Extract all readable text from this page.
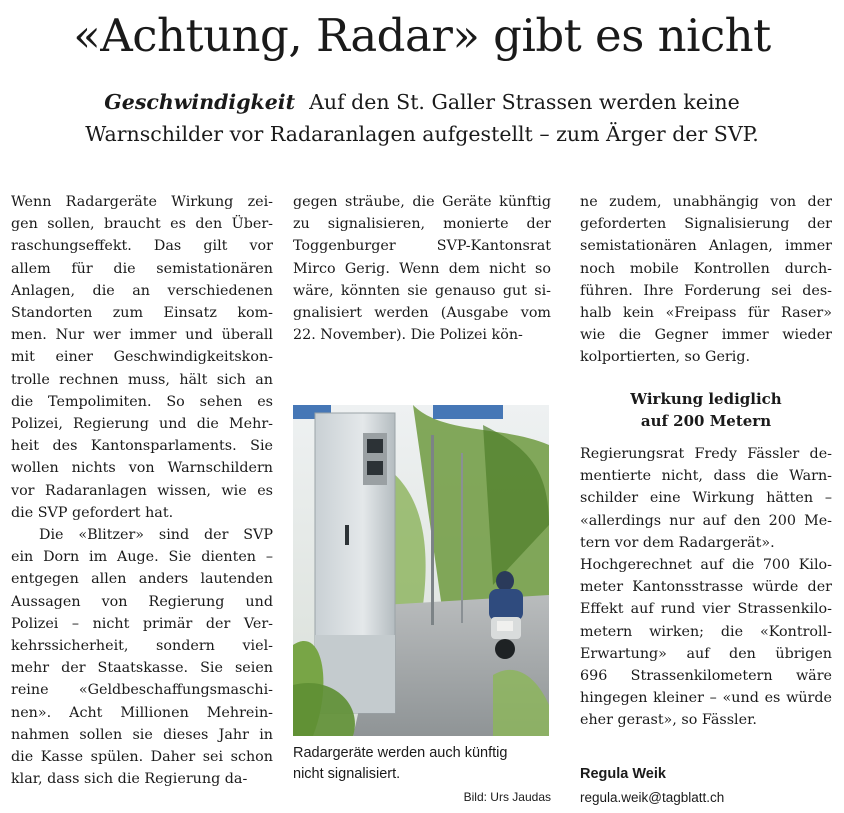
«Achtung, Radar» gibt es nicht
Geschwindigkeit Auf den St. Galler Strassen werden keine
Warnschilder vor Radaranlagen aufgestellt – zum Ärger der SVP.
Wenn Radargeräte Wirkung zei-
gen sollen, braucht es den Über-
raschungseffekt. Das gilt vor
allem für die semistationären
Anlagen, die an verschiedenen
Standorten zum Einsatz kom-
men. Nur wer immer und überall
mit einer Geschwindigkeitskon-
trolle rechnen muss, hält sich an
die Tempolimiten. So sehen es
Polizei, Regierung und die Mehr-
heit des Kantonsparlaments. Sie
wollen nichts von Warnschildern
vor Radaranlagen wissen, wie es
die SVP gefordert hat.
Die «Blitzer» sind der SVP
ein Dorn im Auge. Sie dienten –
entgegen allen anders lautenden
Aussagen von Regierung und
Polizei – nicht primär der Ver-
kehrssicherheit, sondern viel-
mehr der Staatskasse. Sie seien
reine «Geldbeschaffungsmaschi-
nen». Acht Millionen Mehrein-
nahmen sollen sie dieses Jahr in
die Kasse spülen. Daher sei schon
klar, dass sich die Regierung da-
gegen sträube, die Geräte künftig
zu signalisieren, monierte der
Toggenburger SVP-Kantonsrat
Mirco Gerig. Wenn dem nicht so
wäre, könnten sie genauso gut si-
gnalisiert werden (Ausgabe vom
22. November). Die Polizei kön-
ne zudem, unabhängig von der
geforderten Signalisierung der
semistationären Anlagen, immer
noch mobile Kontrollen durch-
führen. Ihre Forderung sei des-
halb kein «Freipass für Raser»
wie die Gegner immer wieder
kolportierten, so Gerig.
Wirkung lediglich
auf 200 Metern
Regierungsrat Fredy Fässler de-
mentierte nicht, dass die Warn-
schilder eine Wirkung hätten –
«allerdings nur auf den 200 Me-
tern vor dem Radargerät».
Hochgerechnet auf die 700 Kilo-
meter Kantonsstrasse würde der
Effekt auf rund vier Strassenkilo-
metern wirken; die «Kontroll-
Erwartung» auf den übrigen
696 Strassenkilometern wäre
hingegen kleiner – «und es würde
eher gerast», so Fässler.
Radargeräte werden auch künftig
nicht signalisiert.
Bild: Urs Jaudas
Regula Weik
regula.weik@tagblatt.ch
